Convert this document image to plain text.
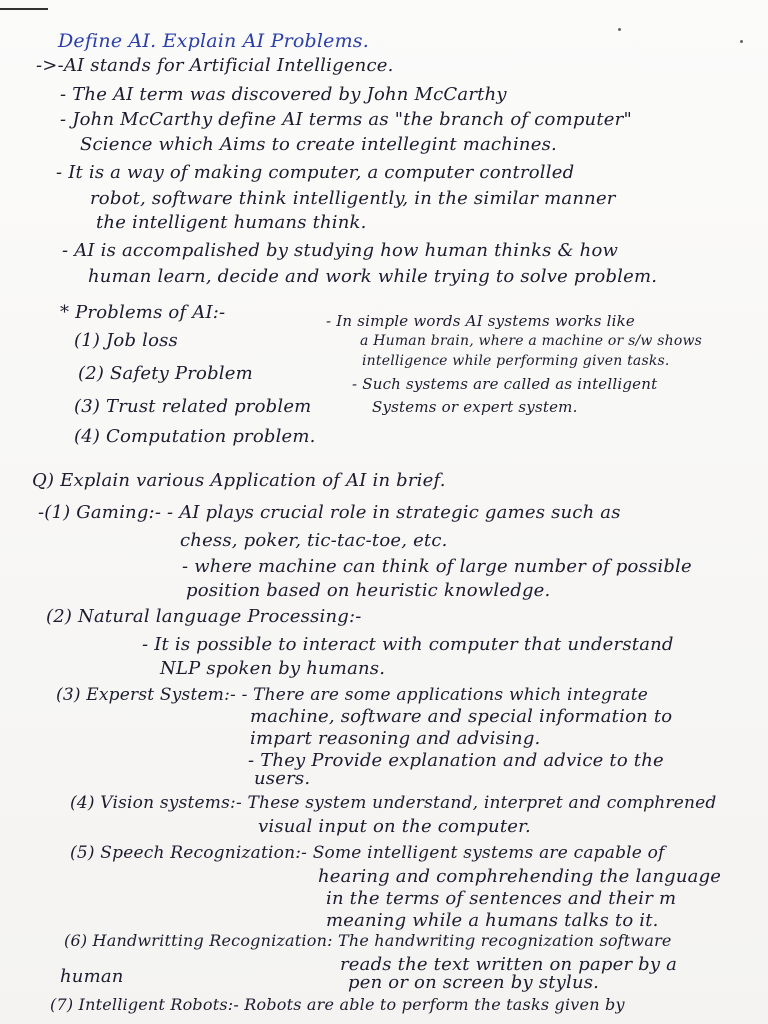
Define AI. Explain AI Problems.
->-AI stands for Artificial Intelligence.
- The AI term was discovered by John McCarthy
- John McCarthy define AI terms as "the branch of computer"
Science which Aims to create intellegint machines.
- It is a way of making computer, a computer controlled
robot, software think intelligently, in the similar manner
the intelligent humans think.
- AI is accompalished by studying how human thinks & how
human learn, decide and work while trying to solve problem.
* Problems of AI:-
(1) Job loss
(2) Safety Problem
(3) Trust related problem
(4) Computation problem.
- In simple words AI systems works like
a Human brain, where a machine or s/w shows
intelligence while performing given tasks.
- Such systems are called as intelligent
Systems or expert system.
Q) Explain various Application of AI in brief.
-(1) Gaming:- - AI plays crucial role in strategic games such as
chess, poker, tic-tac-toe, etc.
- where machine can think of large number of possible
position based on heuristic knowledge.
(2) Natural language Processing:-
- It is possible to interact with computer that understand
NLP spoken by humans.
(3) Experst System:- - There are some applications which integrate
machine, software and special information to
impart reasoning and advising.
- They Provide explanation and advice to the
users.
(4) Vision systems:- These system understand, interpret and comphrened
visual input on the computer.
(5) Speech Recognization:- Some intelligent systems are capable of
hearing and comphrehending the language
in the terms of sentences and their m
meaning while a humans talks to it.
(6) Handwritting Recognization: The handwriting recognization software
reads the text written on paper by a
human	pen or on screen by stylus.
(7) Intelligent Robots:- Robots are able to perform the tasks given by
